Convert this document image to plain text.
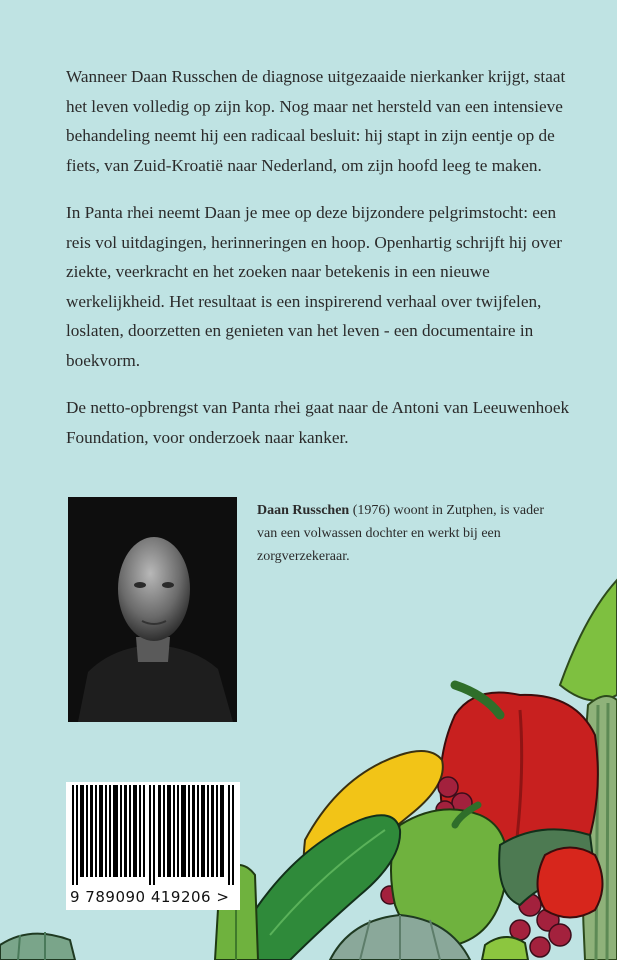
Wanneer Daan Russchen de diagnose uitgezaaide nierkanker krijgt, staat het leven volledig op zijn kop. Nog maar net hersteld van een intensieve behandeling neemt hij een radicaal besluit: hij stapt in zijn eentje op de fiets, van Zuid-Kroatië naar Nederland, om zijn hoofd leeg te maken.

In Panta rhei neemt Daan je mee op deze bijzondere pelgrimstocht: een reis vol uitdagingen, herinneringen en hoop. Openhartig schrijft hij over ziekte, veerkracht en het zoeken naar betekenis in een nieuwe werkelijkheid. Het resultaat is een inspirerend verhaal over twijfelen, loslaten, doorzetten en genieten van het leven - een documentaire in boekvorm.

De netto-opbrengst van Panta rhei gaat naar de Antoni van Leeuwenhoek Foundation, voor onderzoek naar kanker.

Daan Russchen (1976) woont in Zutphen, is vader van een volwassen dochter en werkt bij een zorgverzekeraar.
9 789090 419206 >
